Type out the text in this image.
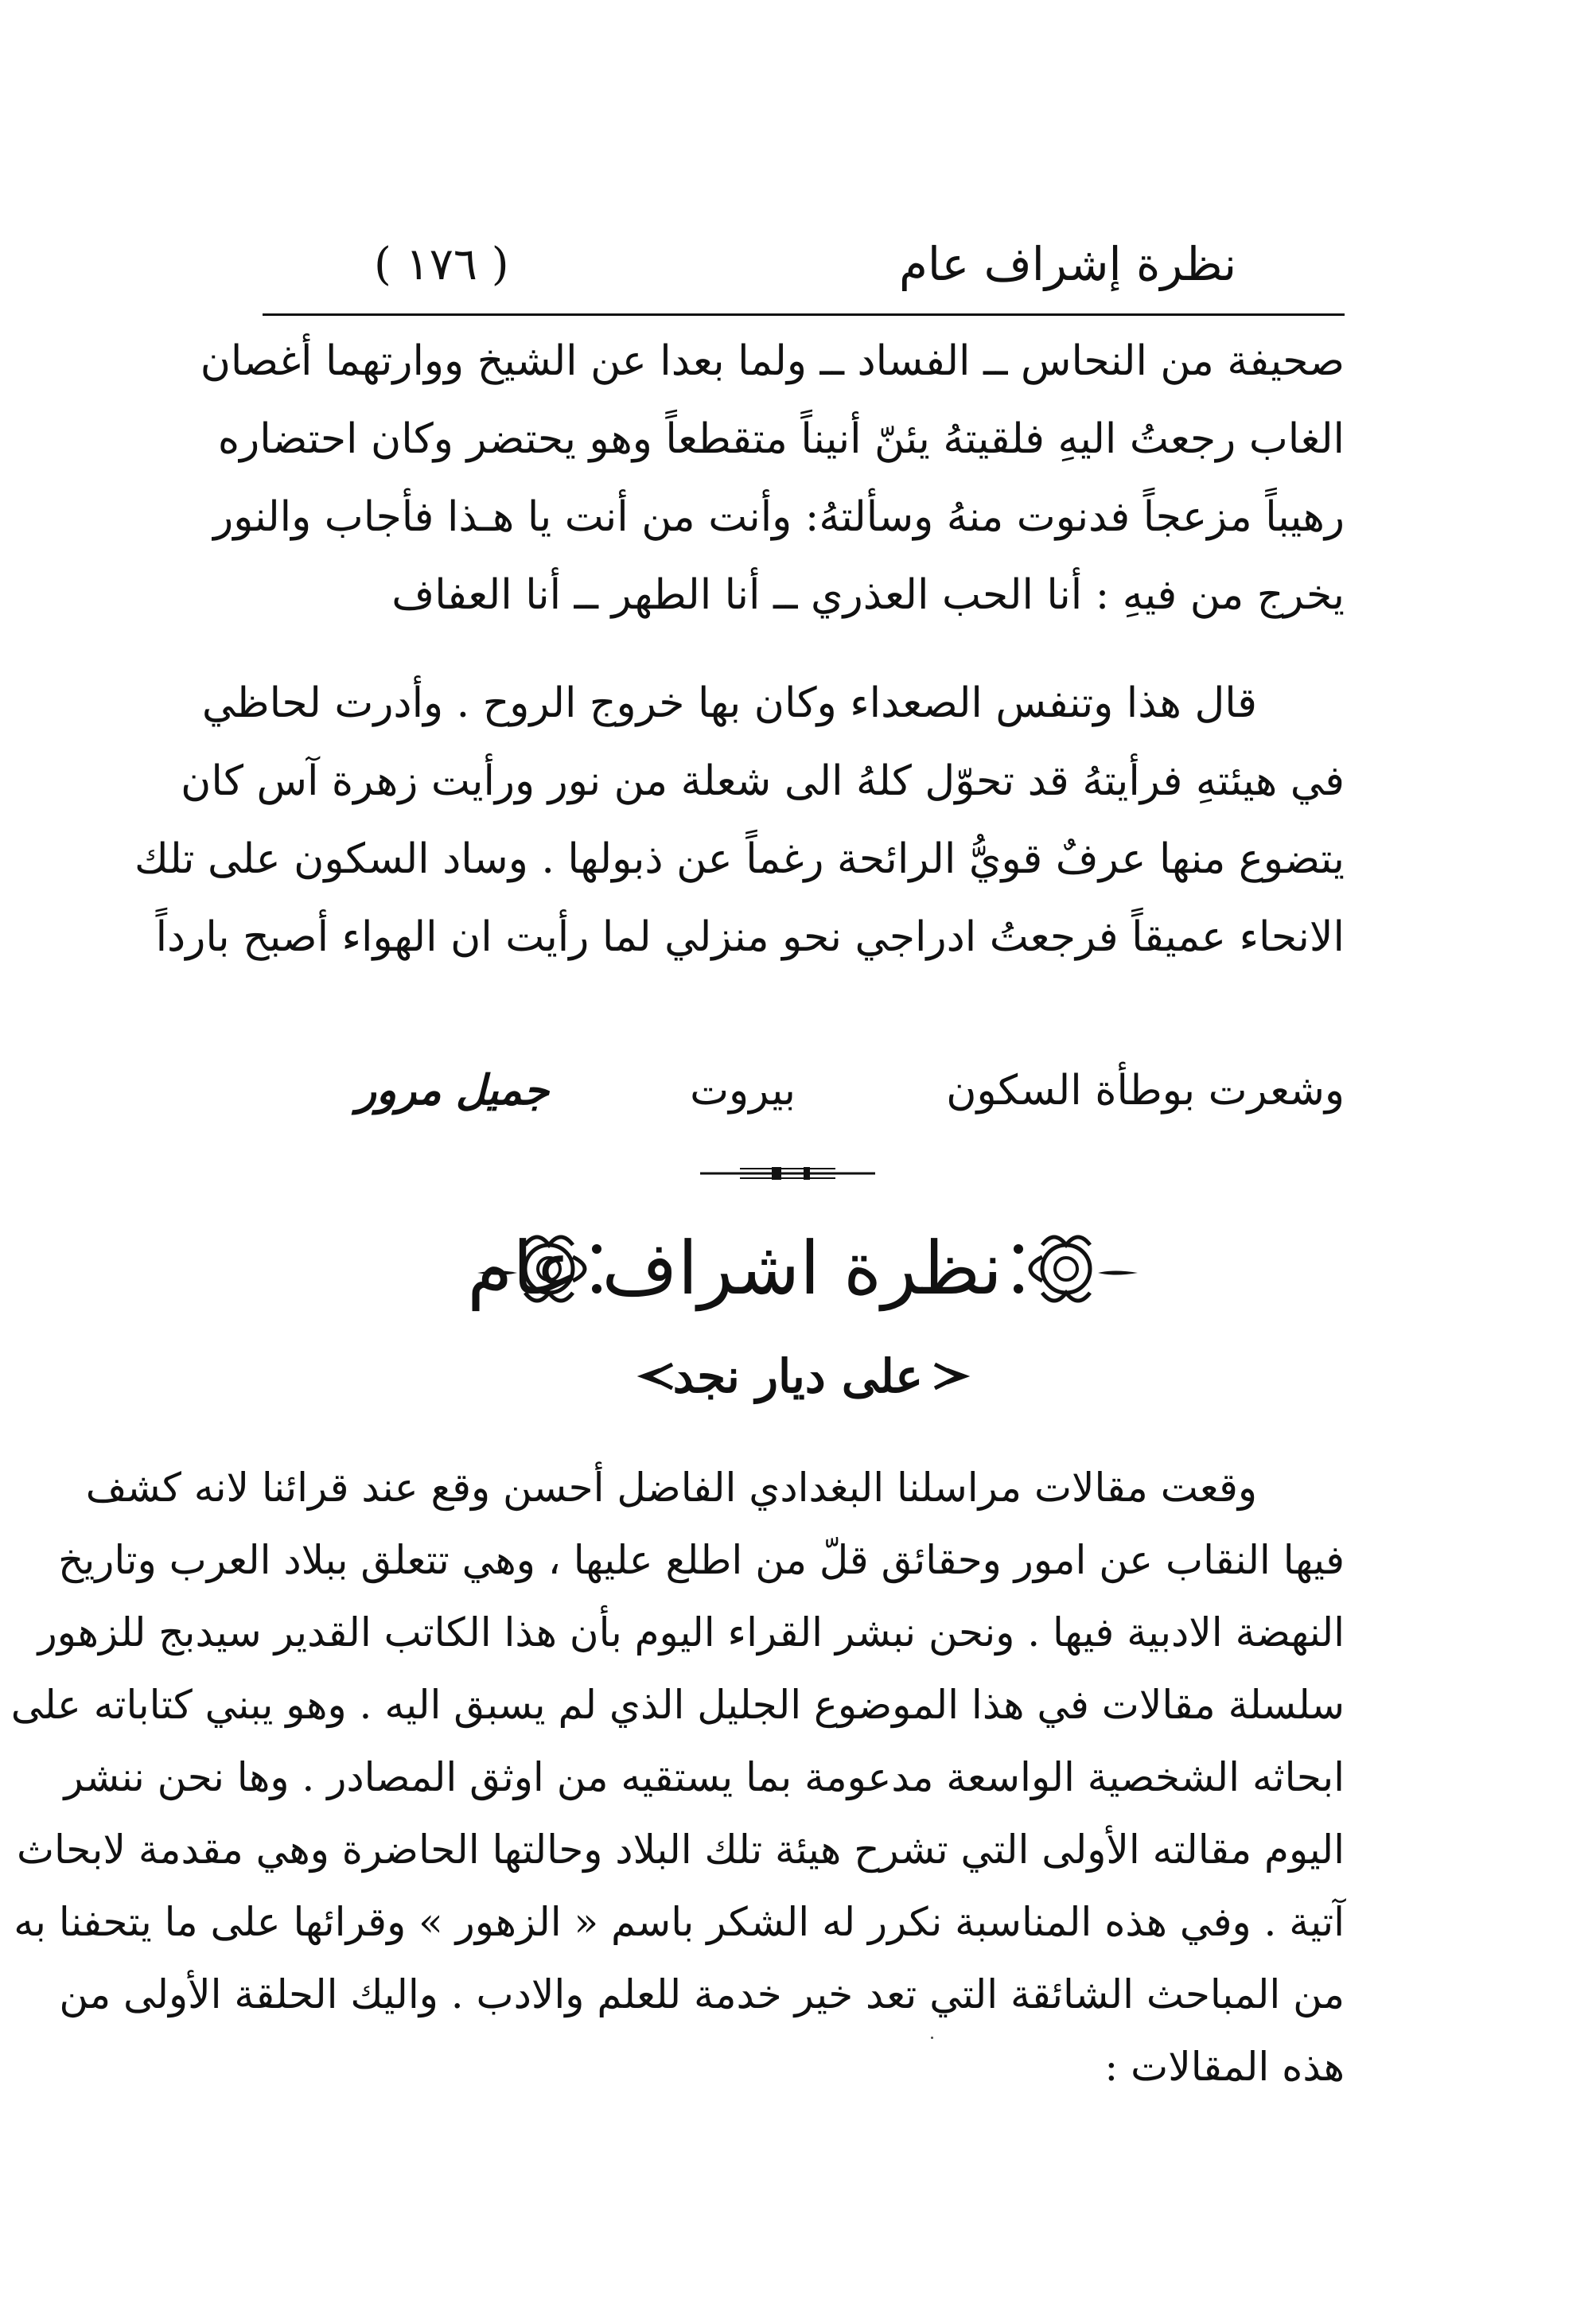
( ١٧٦ )	نظرة إشراف عام
صحيفة من النحاس ــ الفساد ــ ولما بعدا عن الشيخ ووارتهما أغصان
الغاب رجعتُ اليهِ فلقيتهُ يئنّ أنيناً متقطعاً وهو يحتضر وكان احتضاره
رهيباً مزعجاً فدنوت منهُ وسألتهُ: وأنت من أنت يا هـذا فأجاب والنور
يخرج من فيهِ : أنا الحب العذري ــ أنا الطهر ــ أنا العفاف
قال هذا وتنفس الصعداء وكان بها خروج الروح . وأدرت لحاظي
في هيئتهِ فرأيتهُ قد تحوّل كلهُ الى شعلة من نور ورأيت زهرة آس كان
يتضوع منها عرفٌ قويُّ الرائحة رغماً عن ذبولها . وساد السكون على تلك
الانحاء عميقاً فرجعتُ ادراجي نحو منزلي لما رأيت ان الهواء أصبح بارداً
وشعرت بوطأة السكون
بيروت
جميل مرور
نظرة اشراف عام
على ديار نجد
وقعت مقالات مراسلنا البغدادي الفاضل أحسن وقع عند قرائنا لانه كشف
فيها النقاب عن امور وحقائق قلّ من اطلع عليها ، وهي تتعلق ببلاد العرب وتاريخ
النهضة الادبية فيها . ونحن نبشر القراء اليوم بأن هذا الكاتب القدير سيدبج للزهور
سلسلة مقالات في هذا الموضوع الجليل الذي لم يسبق اليه . وهو يبني كتاباته على
ابحاثه الشخصية الواسعة مدعومة بما يستقيه من اوثق المصادر . وها نحن ننشر
اليوم مقالته الأولى التي تشرح هيئة تلك البلاد وحالتها الحاضرة وهي مقدمة لابحاث
آتية . وفي هذه المناسبة نكرر له الشكر باسم « الزهور » وقرائها على ما يتحفنا به
من المباحث الشائقة التي تعد خير خدمة للعلم والادب . واليك الحلقة الأولى من
هذه المقالات :
